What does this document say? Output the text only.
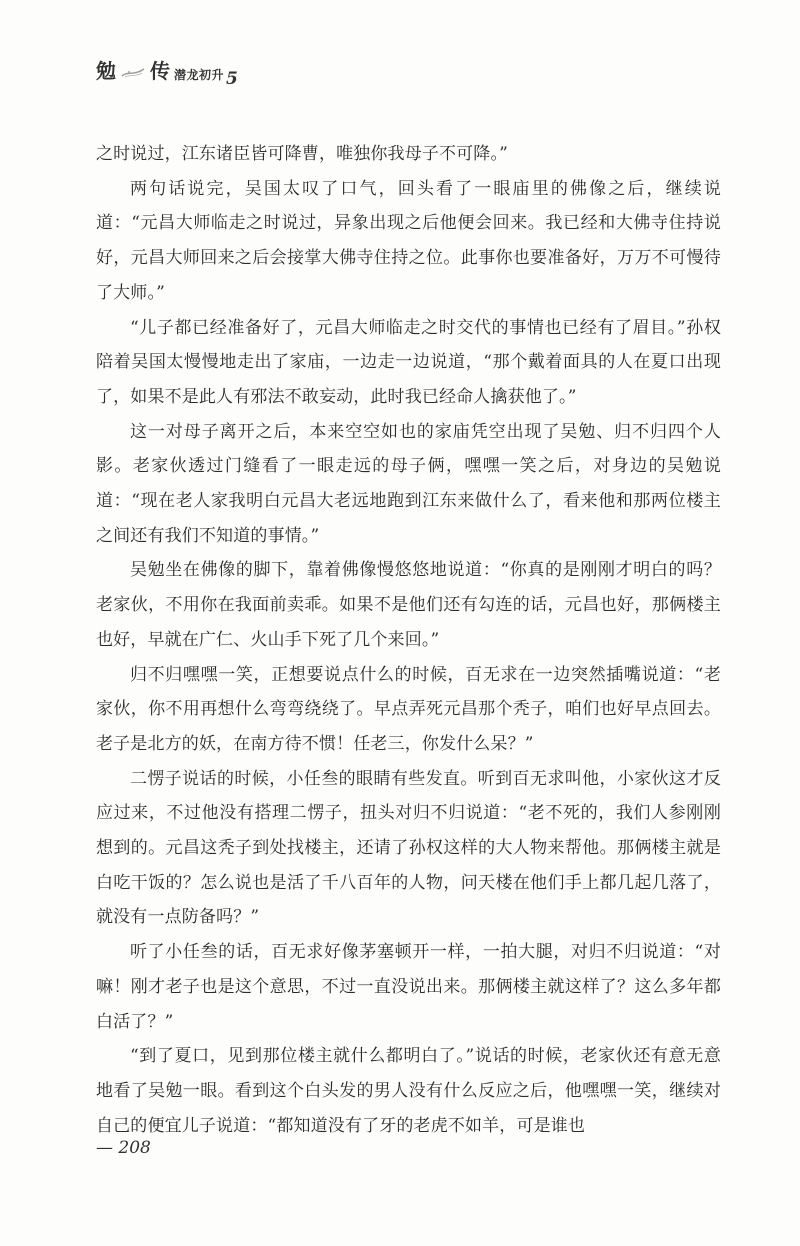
勉 传 潜龙初升 5

之时说过，江东诸臣皆可降曹，唯独你我母子不可降。”

两句话说完，吴国太叹了口气，回头看了一眼庙里的佛像之后，继续说道：“元昌大师临走之时说过，异象出现之后他便会回来。我已经和大佛寺住持说好，元昌大师回来之后会接掌大佛寺住持之位。此事你也要准备好，万万不可慢待了大师。”

“儿子都已经准备好了，元昌大师临走之时交代的事情也已经有了眉目。”孙权陪着吴国太慢慢地走出了家庙，一边走一边说道，“那个戴着面具的人在夏口出现了，如果不是此人有邪法不敢妄动，此时我已经命人擒获他了。”

这一对母子离开之后，本来空空如也的家庙凭空出现了吴勉、归不归四个人影。老家伙透过门缝看了一眼走远的母子俩，嘿嘿一笑之后，对身边的吴勉说道：“现在老人家我明白元昌大老远地跑到江东来做什么了，看来他和那两位楼主之间还有我们不知道的事情。”

吴勉坐在佛像的脚下，靠着佛像慢悠悠地说道：“你真的是刚刚才明白的吗？老家伙，不用你在我面前卖乖。如果不是他们还有勾连的话，元昌也好，那俩楼主也好，早就在广仁、火山手下死了几个来回。”

归不归嘿嘿一笑，正想要说点什么的时候，百无求在一边突然插嘴说道：“老家伙，你不用再想什么弯弯绕绕了。早点弄死元昌那个秃子，咱们也好早点回去。老子是北方的妖，在南方待不惯！任老三，你发什么呆？”

二愣子说话的时候，小任叁的眼睛有些发直。听到百无求叫他，小家伙这才反应过来，不过他没有搭理二愣子，扭头对归不归说道：“老不死的，我们人参刚刚想到的。元昌这秃子到处找楼主，还请了孙权这样的大人物来帮他。那俩楼主就是白吃干饭的？怎么说也是活了千八百年的人物，问天楼在他们手上都几起几落了，就没有一点防备吗？”

听了小任叁的话，百无求好像茅塞顿开一样，一拍大腿，对归不归说道：“对嘛！刚才老子也是这个意思，不过一直没说出来。那俩楼主就这样了？这么多年都白活了？”

“到了夏口，见到那位楼主就什么都明白了。”说话的时候，老家伙还有意无意地看了吴勉一眼。看到这个白头发的男人没有什么反应之后，他嘿嘿一笑，继续对自己的便宜儿子说道：“都知道没有了牙的老虎不如羊，可是谁也

— 208
